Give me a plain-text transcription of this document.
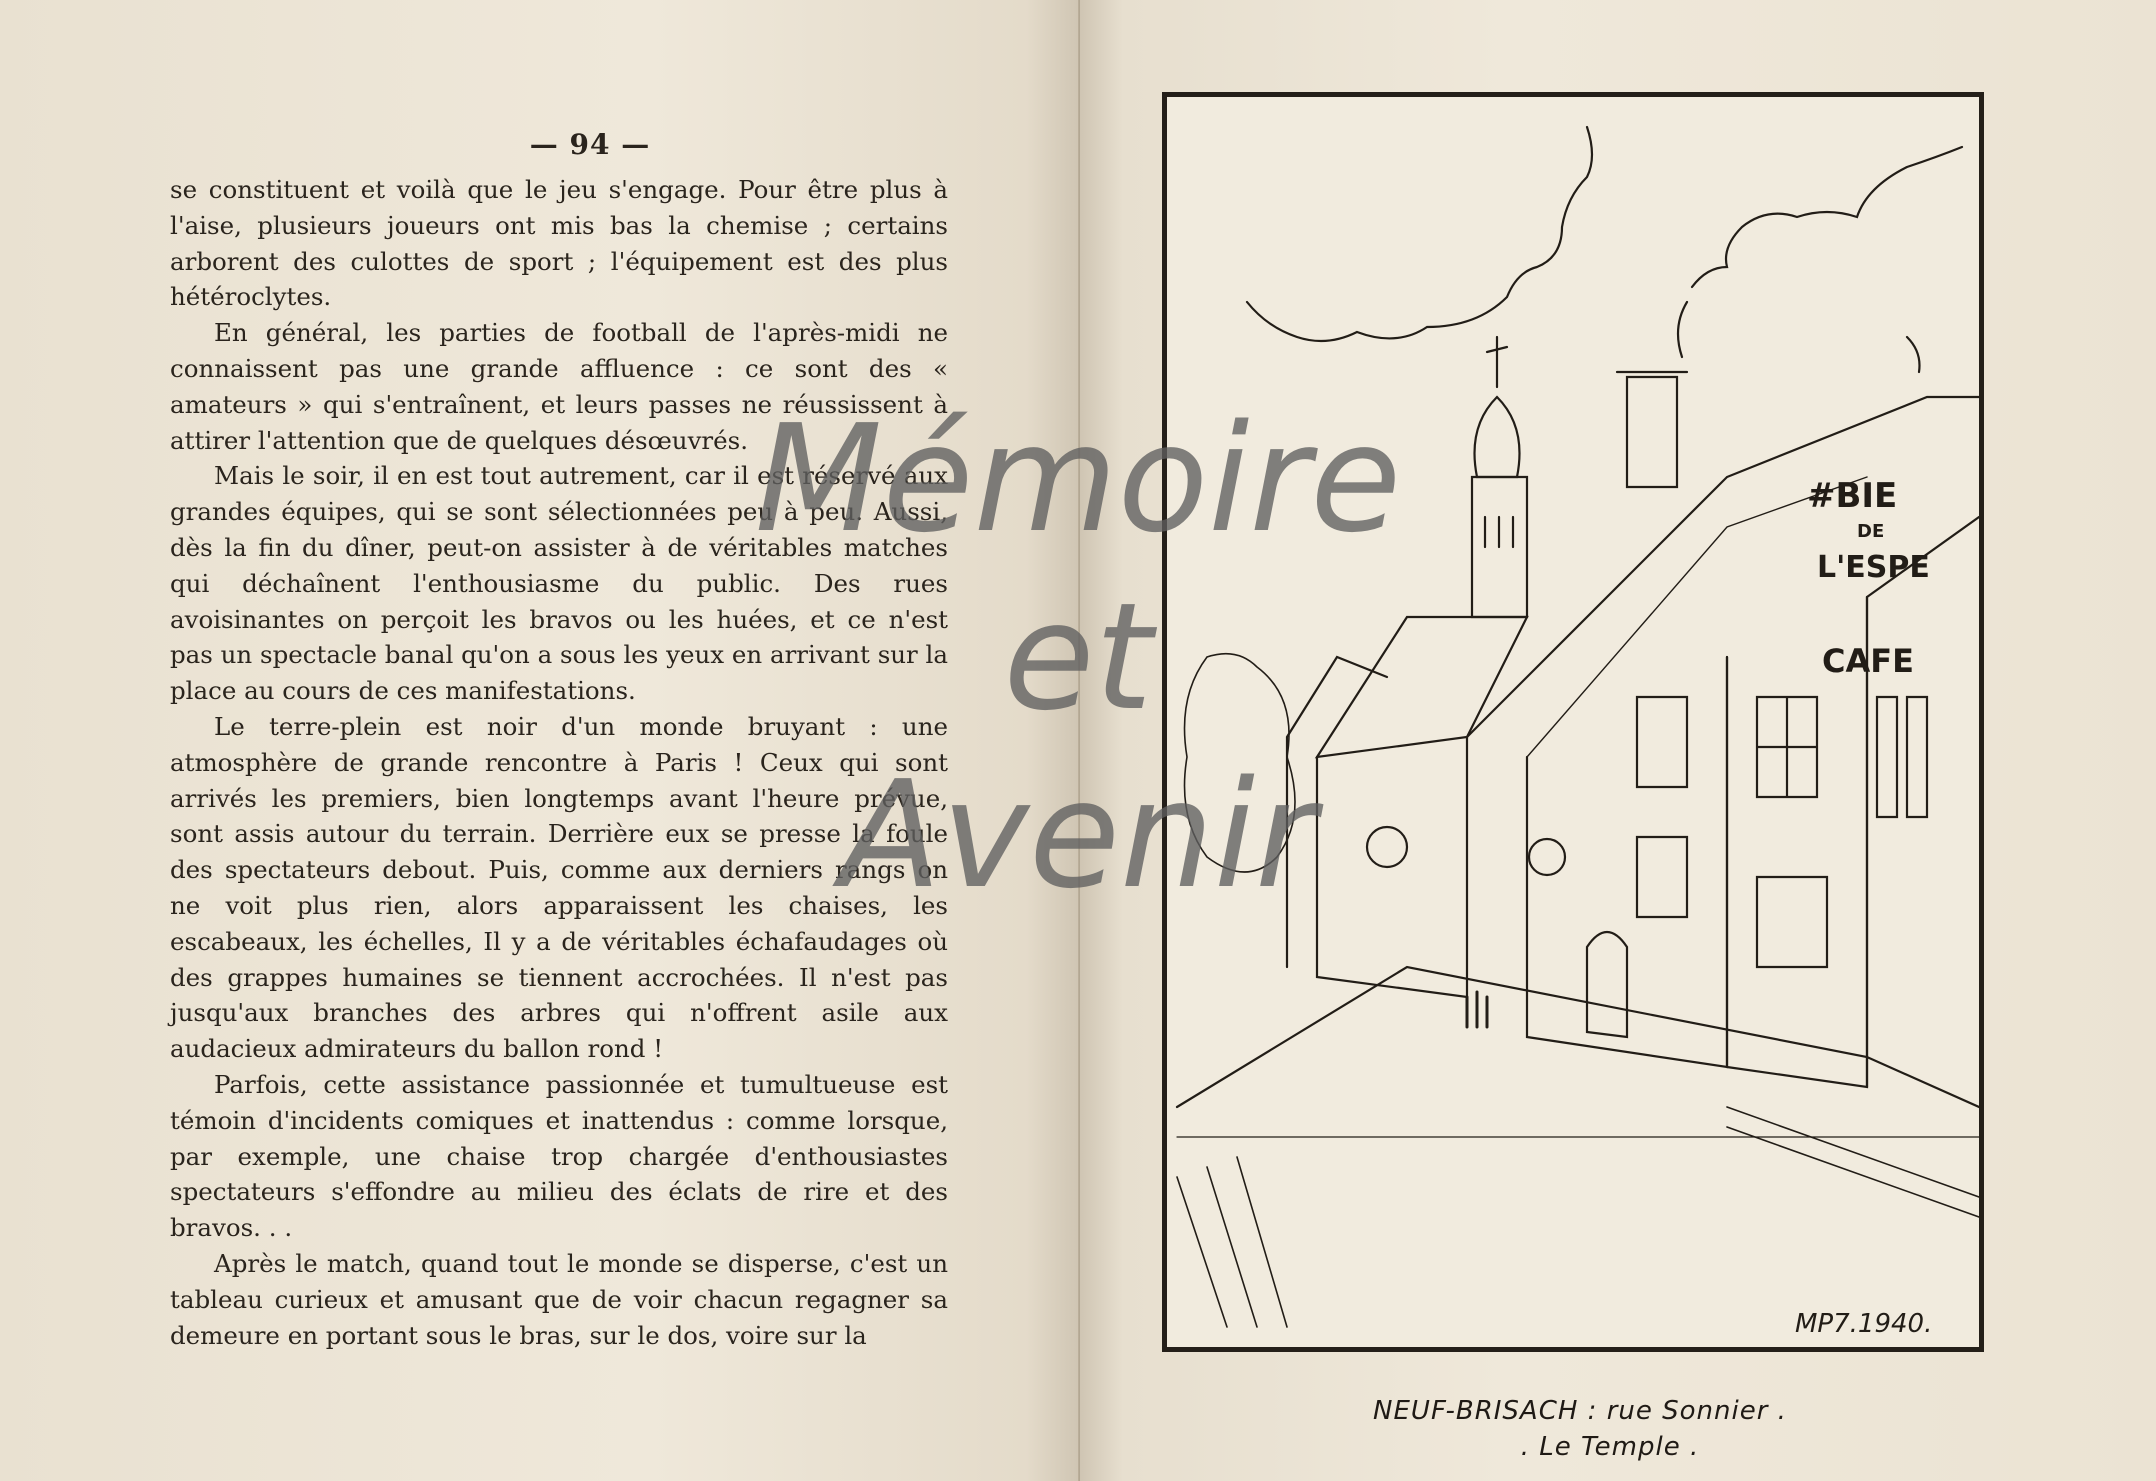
— 94 —

se constituent et voilà que le jeu s'engage. Pour être plus à l'aise, plusieurs joueurs ont mis bas la chemise ; certains arborent des culottes de sport ; l'équipement est des plus hétéroclytes.

En général, les parties de football de l'après-midi ne connaissent pas une grande affluence : ce sont des « amateurs » qui s'entraînent, et leurs passes ne réussissent à attirer l'attention que de quelques désœuvrés.

Mais le soir, il en est tout autrement, car il est réservé aux grandes équipes, qui se sont sélectionnées peu à peu. Aussi, dès la fin du dîner, peut-on assister à de véritables matches qui déchaînent l'enthousiasme du public. Des rues avoisinantes on perçoit les bravos ou les huées, et ce n'est pas un spectacle banal qu'on a sous les yeux en arrivant sur la place au cours de ces manifestations.

Le terre-plein est noir d'un monde bruyant : une atmosphère de grande rencontre à Paris ! Ceux qui sont arrivés les premiers, bien longtemps avant l'heure prévue, sont assis autour du terrain. Derrière eux se presse la foule des spectateurs debout. Puis, comme aux derniers rangs on ne voit plus rien, alors apparaissent les chaises, les escabeaux, les échelles, Il y a de véritables échafaudages où des grappes humaines se tiennent accrochées. Il n'est pas jusqu'aux branches des arbres qui n'offrent asile aux audacieux admirateurs du ballon rond !

Parfois, cette assistance passionnée et tumultueuse est témoin d'incidents comiques et inattendus : comme lorsque, par exemple, une chaise trop chargée d'enthousiastes spectateurs s'effondre au milieu des éclats de rire et des bravos. . .

Après le match, quand tout le monde se disperse, c'est un tableau curieux et amusant que de voir chacun regagner sa demeure en portant sous le bras, sur le dos, voire sur la

#BIE
DE
L'ESPE
CAFE
MP7.1940.
NEUF-BRISACH : rue Sonnier .
. Le Temple .
Mémoire
et
Avenir
